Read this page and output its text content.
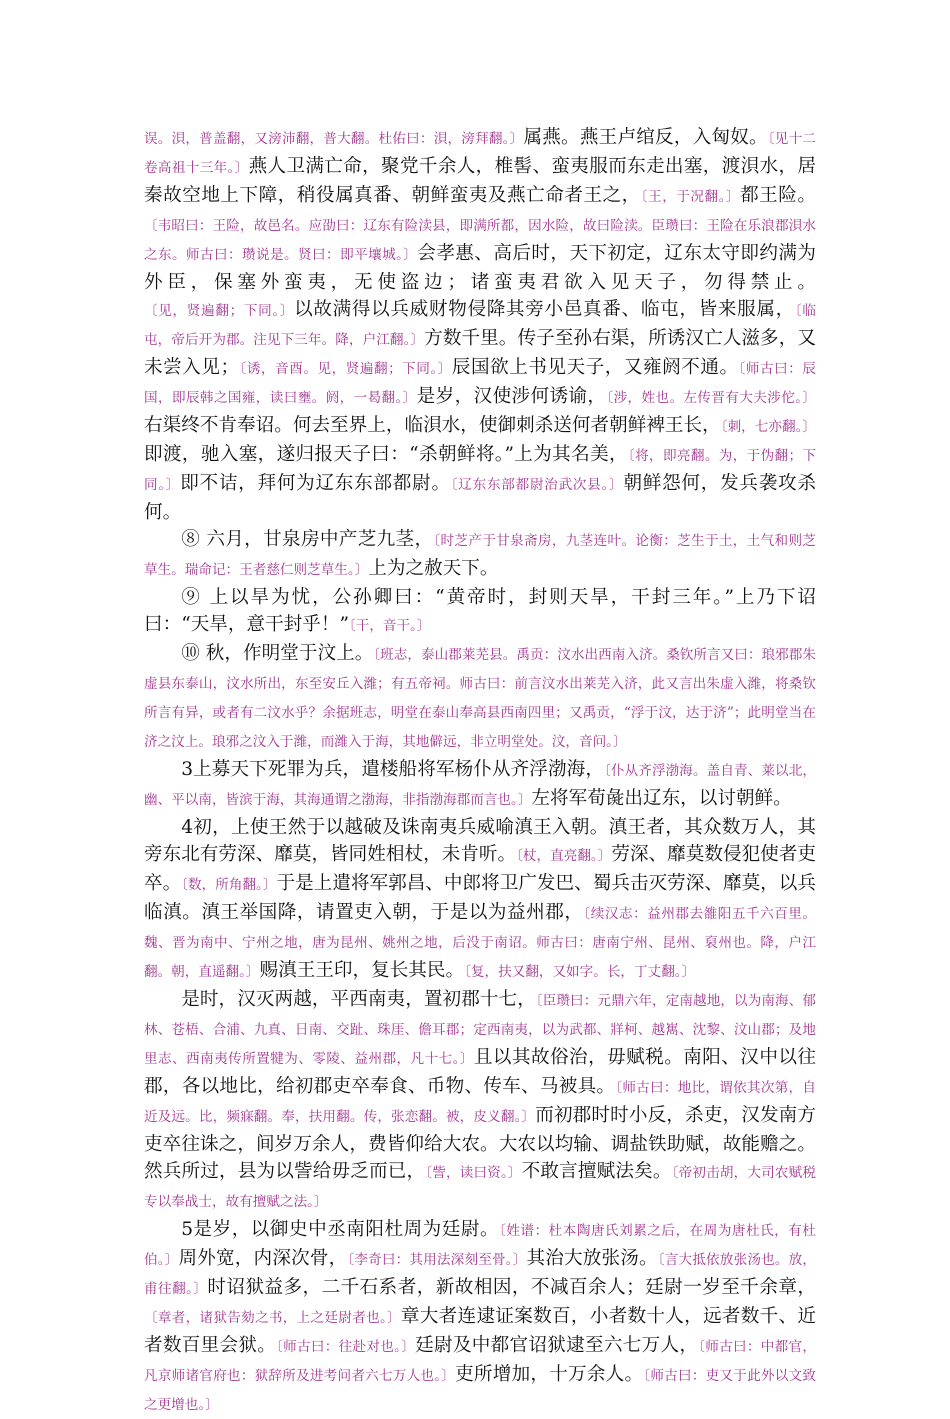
误。浿，普盖翻，又滂沛翻，普大翻。杜佑曰：浿，滂拜翻。〕属燕。燕王卢绾反，入匈奴。〔见十二卷高祖十三年。〕燕人卫满亡命，聚党千余人，椎髻、蛮夷服而东走出塞，渡浿水，居秦故空地上下障，稍役属真番、朝鲜蛮夷及燕亡命者王之，〔王，于况翻。〕都王险。〔韦昭曰：王险，故邑名。应劭曰：辽东有险渎县，即满所都，因水险，故曰险渎。臣瓒曰：王险在乐浪郡浿水之东。师古曰：瓒说是。贤曰：即平壤城。〕会孝惠、高后时，天下初定，辽东太守即约满为外臣，保塞外蛮夷，无使盗边；诸蛮夷君欲入见天子，勿得禁止。〔见，贤遍翻；下同。〕以故满得以兵威财物侵降其旁小邑真番、临屯，皆来服属，〔临屯，帝后开为郡。注见下三年。降，户江翻。〕方数千里。传子至孙右渠，所诱汉亡人滋多，又未尝入见；〔诱，音酉。见，贤遍翻；下同。〕辰国欲上书见天子，又雍阏不通。〔师古曰：辰国，即辰韩之国雍，读曰壅。阏，一曷翻。〕是岁，汉使涉何诱谕，〔涉，姓也。左传晋有大夫涉佗。〕右渠终不肯奉诏。何去至界上，临浿水，使御刺杀送何者朝鲜裨王长，〔刺，七亦翻。〕即渡，驰入塞，遂归报天子曰：“杀朝鲜将。”上为其名美，〔将，即亮翻。为，于伪翻；下同。〕即不诘，拜何为辽东东部都尉。〔辽东东部都尉治武次县。〕朝鲜怨何，发兵袭攻杀何。

⑧ 六月，甘泉房中产芝九茎，〔时芝产于甘泉斋房，九茎连叶。论衡：芝生于土，土气和则芝草生。瑞命记：王者慈仁则芝草生。〕上为之赦天下。

⑨ 上以旱为忧，公孙卿曰：“黄帝时，封则天旱，干封三年。”上乃下诏曰：“天旱，意干封乎！”〔干，音干。〕

⑩ 秋，作明堂于汶上。〔班志，泰山郡莱芜县。禹贡：汶水出西南入济。桑钦所言又曰：琅邪郡朱虚县东泰山，汶水所出，东至安丘入潍；有五帝祠。师古曰：前言汶水出莱芜入济，此又言出朱虚入潍，将桑钦所言有异，或者有二汶水乎？余据班志，明堂在泰山奉高县西南四里；又禹贡，“浮于汶，达于济”；此明堂当在济之汶上。琅邪之汶入于潍，而潍入于海，其地僻远，非立明堂处。汶，音问。〕

3上募天下死罪为兵，遣楼船将军杨仆从齐浮渤海，〔仆从齐浮渤海。盖自青、莱以北，幽、平以南，皆滨于海，其海通谓之渤海，非指渤海郡而言也。〕左将军荀彘出辽东，以讨朝鲜。

4初，上使王然于以越破及诛南夷兵威喻滇王入朝。滇王者，其众数万人，其旁东北有劳深、靡莫，皆同姓相杖，未肯听。〔杖，直亮翻。〕劳深、靡莫数侵犯使者吏卒。〔数，所角翻。〕于是上遣将军郭昌、中郎将卫广发巴、蜀兵击灭劳深、靡莫，以兵临滇。滇王举国降，请置吏入朝，于是以为益州郡，〔续汉志：益州郡去雒阳五千六百里。魏、晋为南中、宁州之地，唐为昆州、姚州之地，后没于南诏。师古曰：唐南宁州、昆州、裒州也。降，户江翻。朝，直遥翻。〕赐滇王王印，复长其民。〔复，扶又翻，又如字。长，丁丈翻。〕

是时，汉灭两越，平西南夷，置初郡十七，〔臣瓒曰：元鼎六年，定南越地，以为南海、郁林、苍梧、合浦、九真、日南、交趾、珠厓、儋耳郡；定西南夷，以为武都、牂柯、越嶲、沈黎、汶山郡；及地里志、西南夷传所置犍为、零陵、益州郡，凡十七。〕且以其故俗治，毋赋税。南阳、汉中以往郡，各以地比，给初郡吏卒奉食、币物、传车、马被具。〔师古曰：地比，谓依其次第，自近及远。比，频寐翻。奉，扶用翻。传，张恋翻。被，皮义翻。〕而初郡时时小反，杀吏，汉发南方吏卒往诛之，间岁万余人，费皆仰给大农。大农以均输、调盐铁助赋，故能赡之。然兵所过，县为以訾给毋乏而已，〔訾，读曰资。〕不敢言擅赋法矣。〔帝初击胡，大司农赋税专以奉战士，故有擅赋之法。〕

5是岁，以御史中丞南阳杜周为廷尉。〔姓谱：杜本陶唐氏刘累之后，在周为唐杜氏，有杜伯。〕周外宽，内深次骨，〔李奇曰：其用法深刻至骨。〕其治大放张汤。〔言大抵依放张汤也。放，甫往翻。〕时诏狱益多，二千石系者，新故相因，不减百余人；廷尉一岁至千余章，〔章者，诸狱告劾之书，上之廷尉者也。〕章大者连逮证案数百，小者数十人，远者数千、近者数百里会狱。〔师古曰：往赴对也。〕廷尉及中都官诏狱逮至六七万人，〔师古曰：中都官，凡京师诸官府也：狱辞所及进考问者六七万人也。〕吏所增加，十万余人。〔师古曰：吏又于此外以文致之更增也。〕
